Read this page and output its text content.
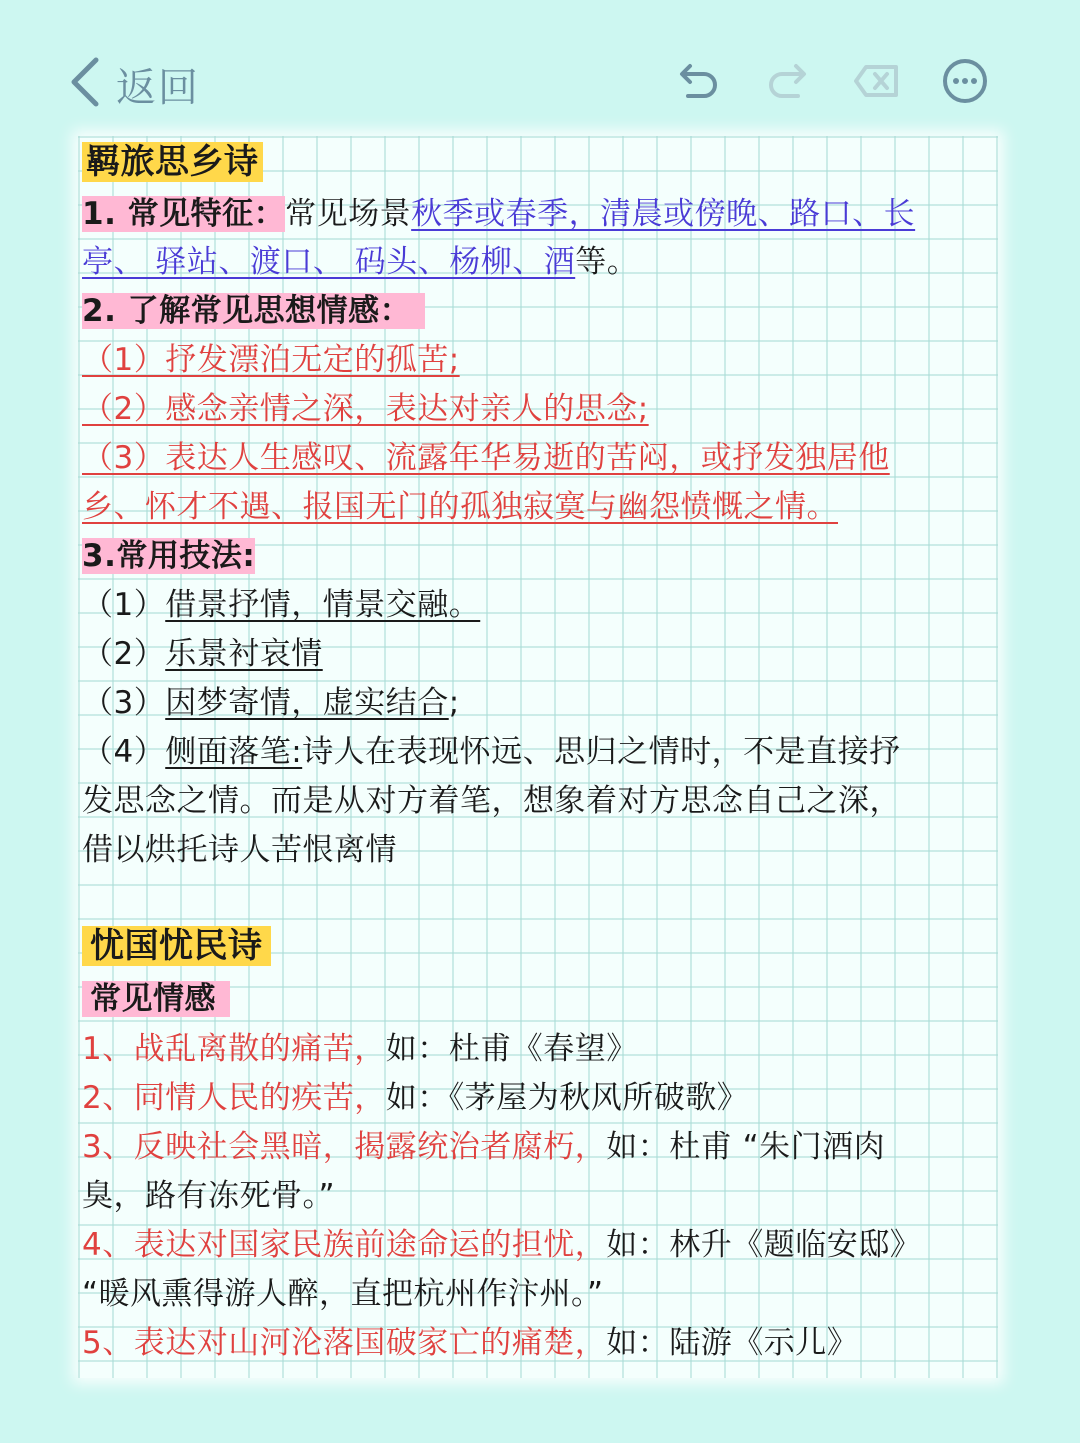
返回
羁旅思乡诗
1. 常见特征：常见场景秋季或春季，清晨或傍晚、路口、长
亭、 驿站、渡口、 码头、杨柳、酒等。
2. 了解常见思想情感：
（1）抒发漂泊无定的孤苦;
（2）感念亲情之深，表达对亲人的思念;
（3）表达人生感叹、流露年华易逝的苦闷，或抒发独居他
乡、怀才不遇、报国无门的孤独寂寞与幽怨愤慨之情。
3.常用技法:
（1）借景抒情，情景交融。
（2）乐景衬哀情
（3）因梦寄情，虚实结合;
（4）侧面落笔:诗人在表现怀远、思归之情时，不是直接抒
发思念之情。而是从对方着笔，想象着对方思念自己之深，
借以烘托诗人苦恨离情
忧国忧民诗
常见情感
1、战乱离散的痛苦，如：杜甫《春望》
2、同情人民的疾苦，如：《茅屋为秋风所破歌》
3、反映社会黑暗，揭露统治者腐朽，如：杜甫 “朱门酒肉
臭，路有冻死骨。”
4、表达对国家民族前途命运的担忧，如：林升《题临安邸》
“暖风熏得游人醉，直把杭州作汴州。”
5、表达对山河沦落国破家亡的痛楚，如：陆游《示儿》
